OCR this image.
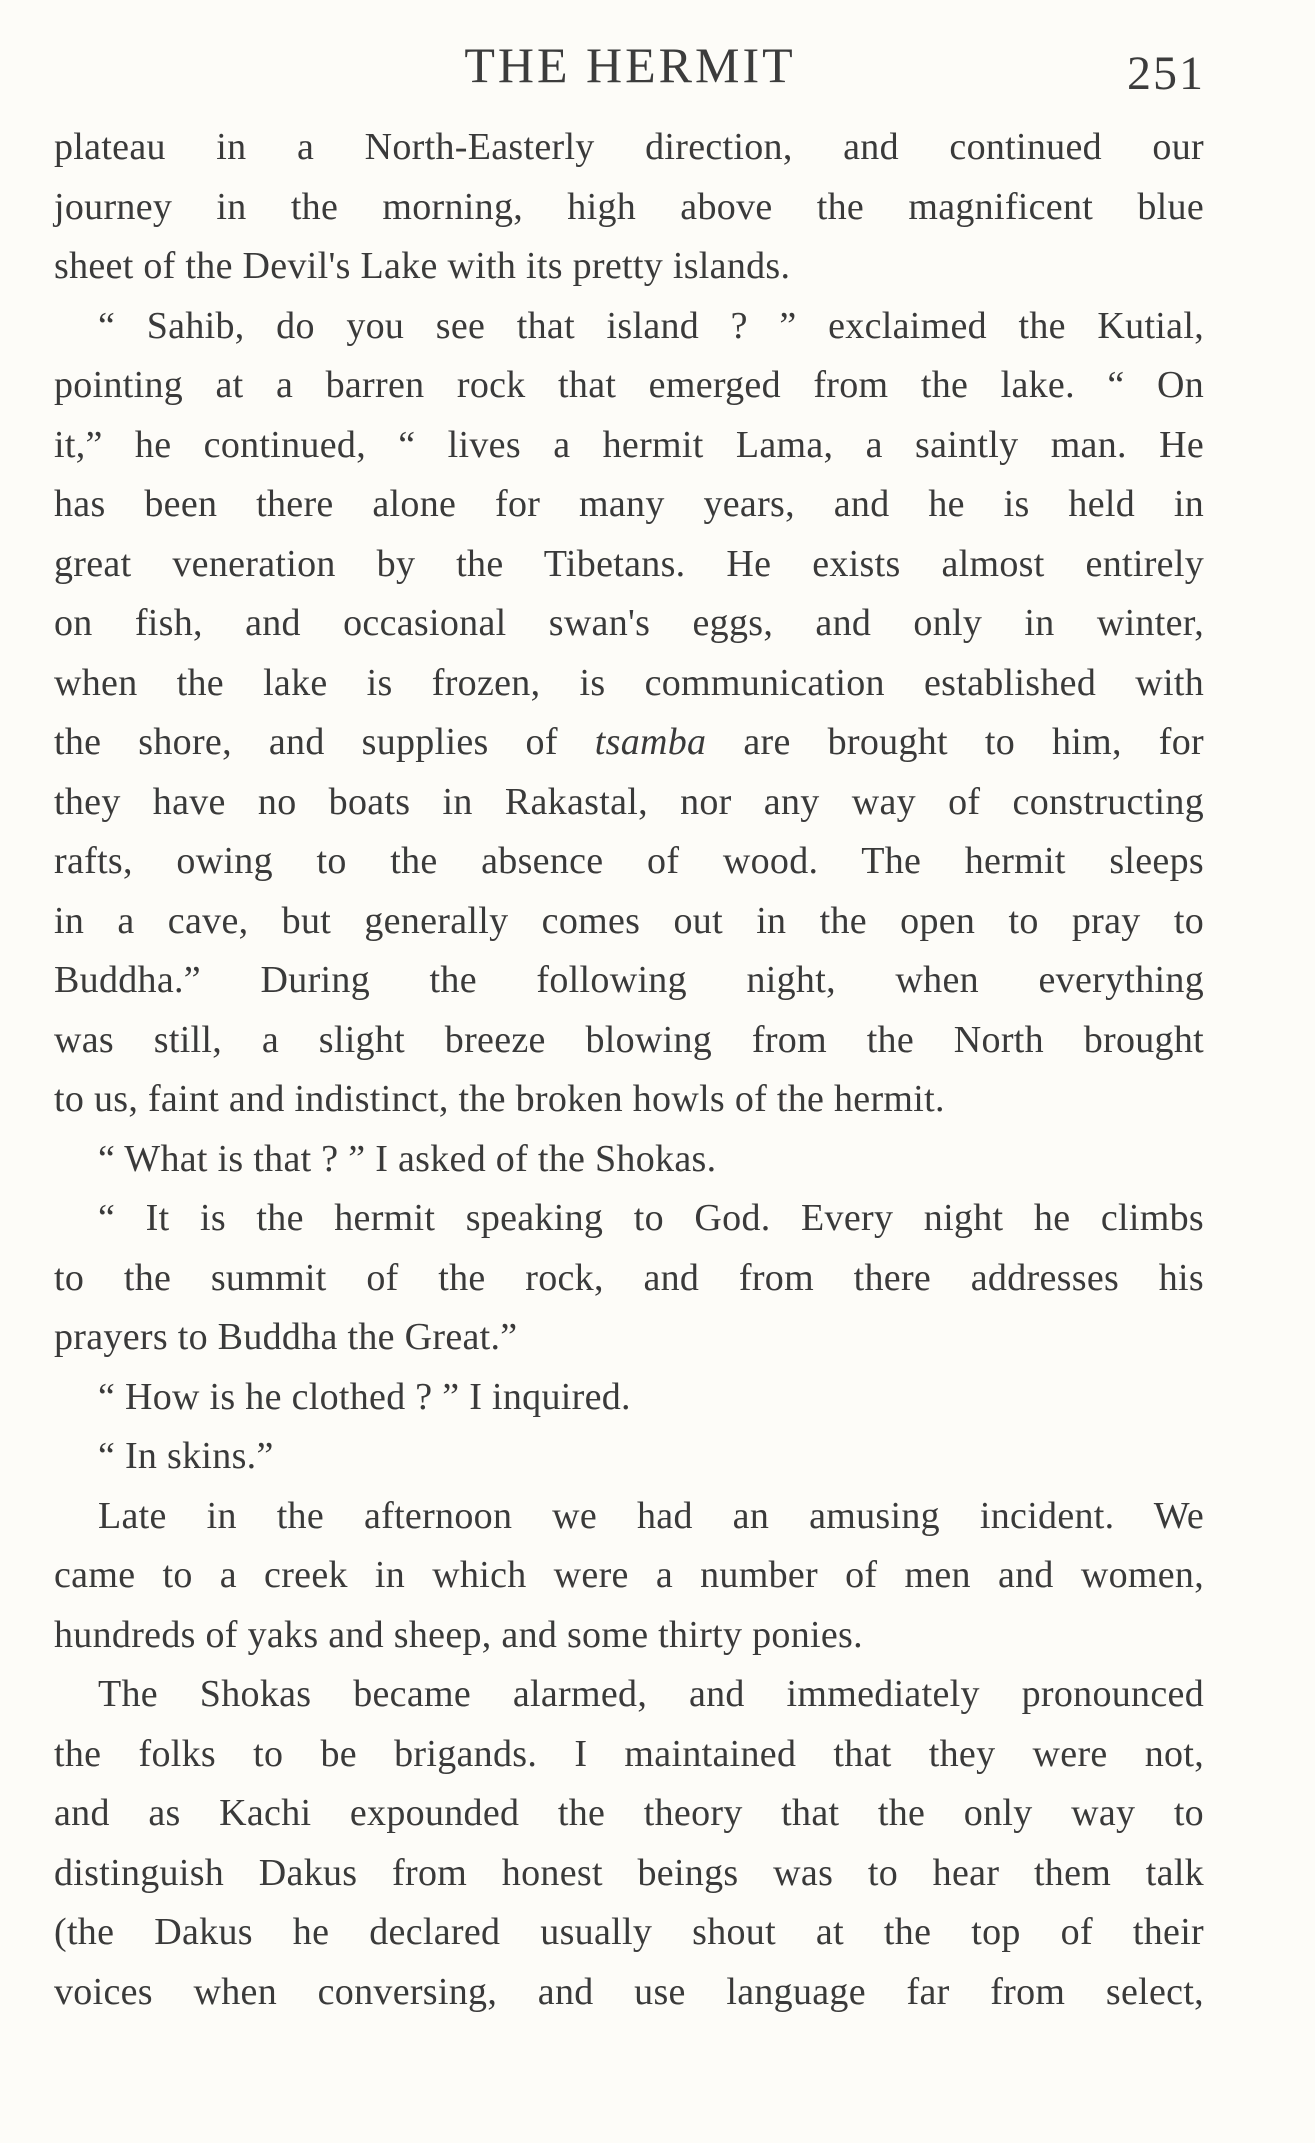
THE HERMIT	251
plateau in a North-Easterly direction, and continued our
journey in the morning, high above the magnificent blue
sheet of the Devil's Lake with its pretty islands.
“ Sahib, do you see that island ? ” exclaimed the Kutial,
pointing at a barren rock that emerged from the lake. “ On
it,” he continued, “ lives a hermit Lama, a saintly man. He
has been there alone for many years, and he is held in
great veneration by the Tibetans. He exists almost entirely
on fish, and occasional swan's eggs, and only in winter,
when the lake is frozen, is communication established with
the shore, and supplies of tsamba are brought to him, for
they have no boats in Rakastal, nor any way of constructing
rafts, owing to the absence of wood. The hermit sleeps
in a cave, but generally comes out in the open to pray to
Buddha.” During the following night, when everything
was still, a slight breeze blowing from the North brought
to us, faint and indistinct, the broken howls of the hermit.
“ What is that ? ” I asked of the Shokas.
“ It is the hermit speaking to God. Every night he climbs
to the summit of the rock, and from there addresses his
prayers to Buddha the Great.”
“ How is he clothed ? ” I inquired.
“ In skins.”
Late in the afternoon we had an amusing incident. We
came to a creek in which were a number of men and women,
hundreds of yaks and sheep, and some thirty ponies.
The Shokas became alarmed, and immediately pronounced
the folks to be brigands. I maintained that they were not,
and as Kachi expounded the theory that the only way to
distinguish Dakus from honest beings was to hear them talk
(the Dakus he declared usually shout at the top of their
voices when conversing, and use language far from select,
